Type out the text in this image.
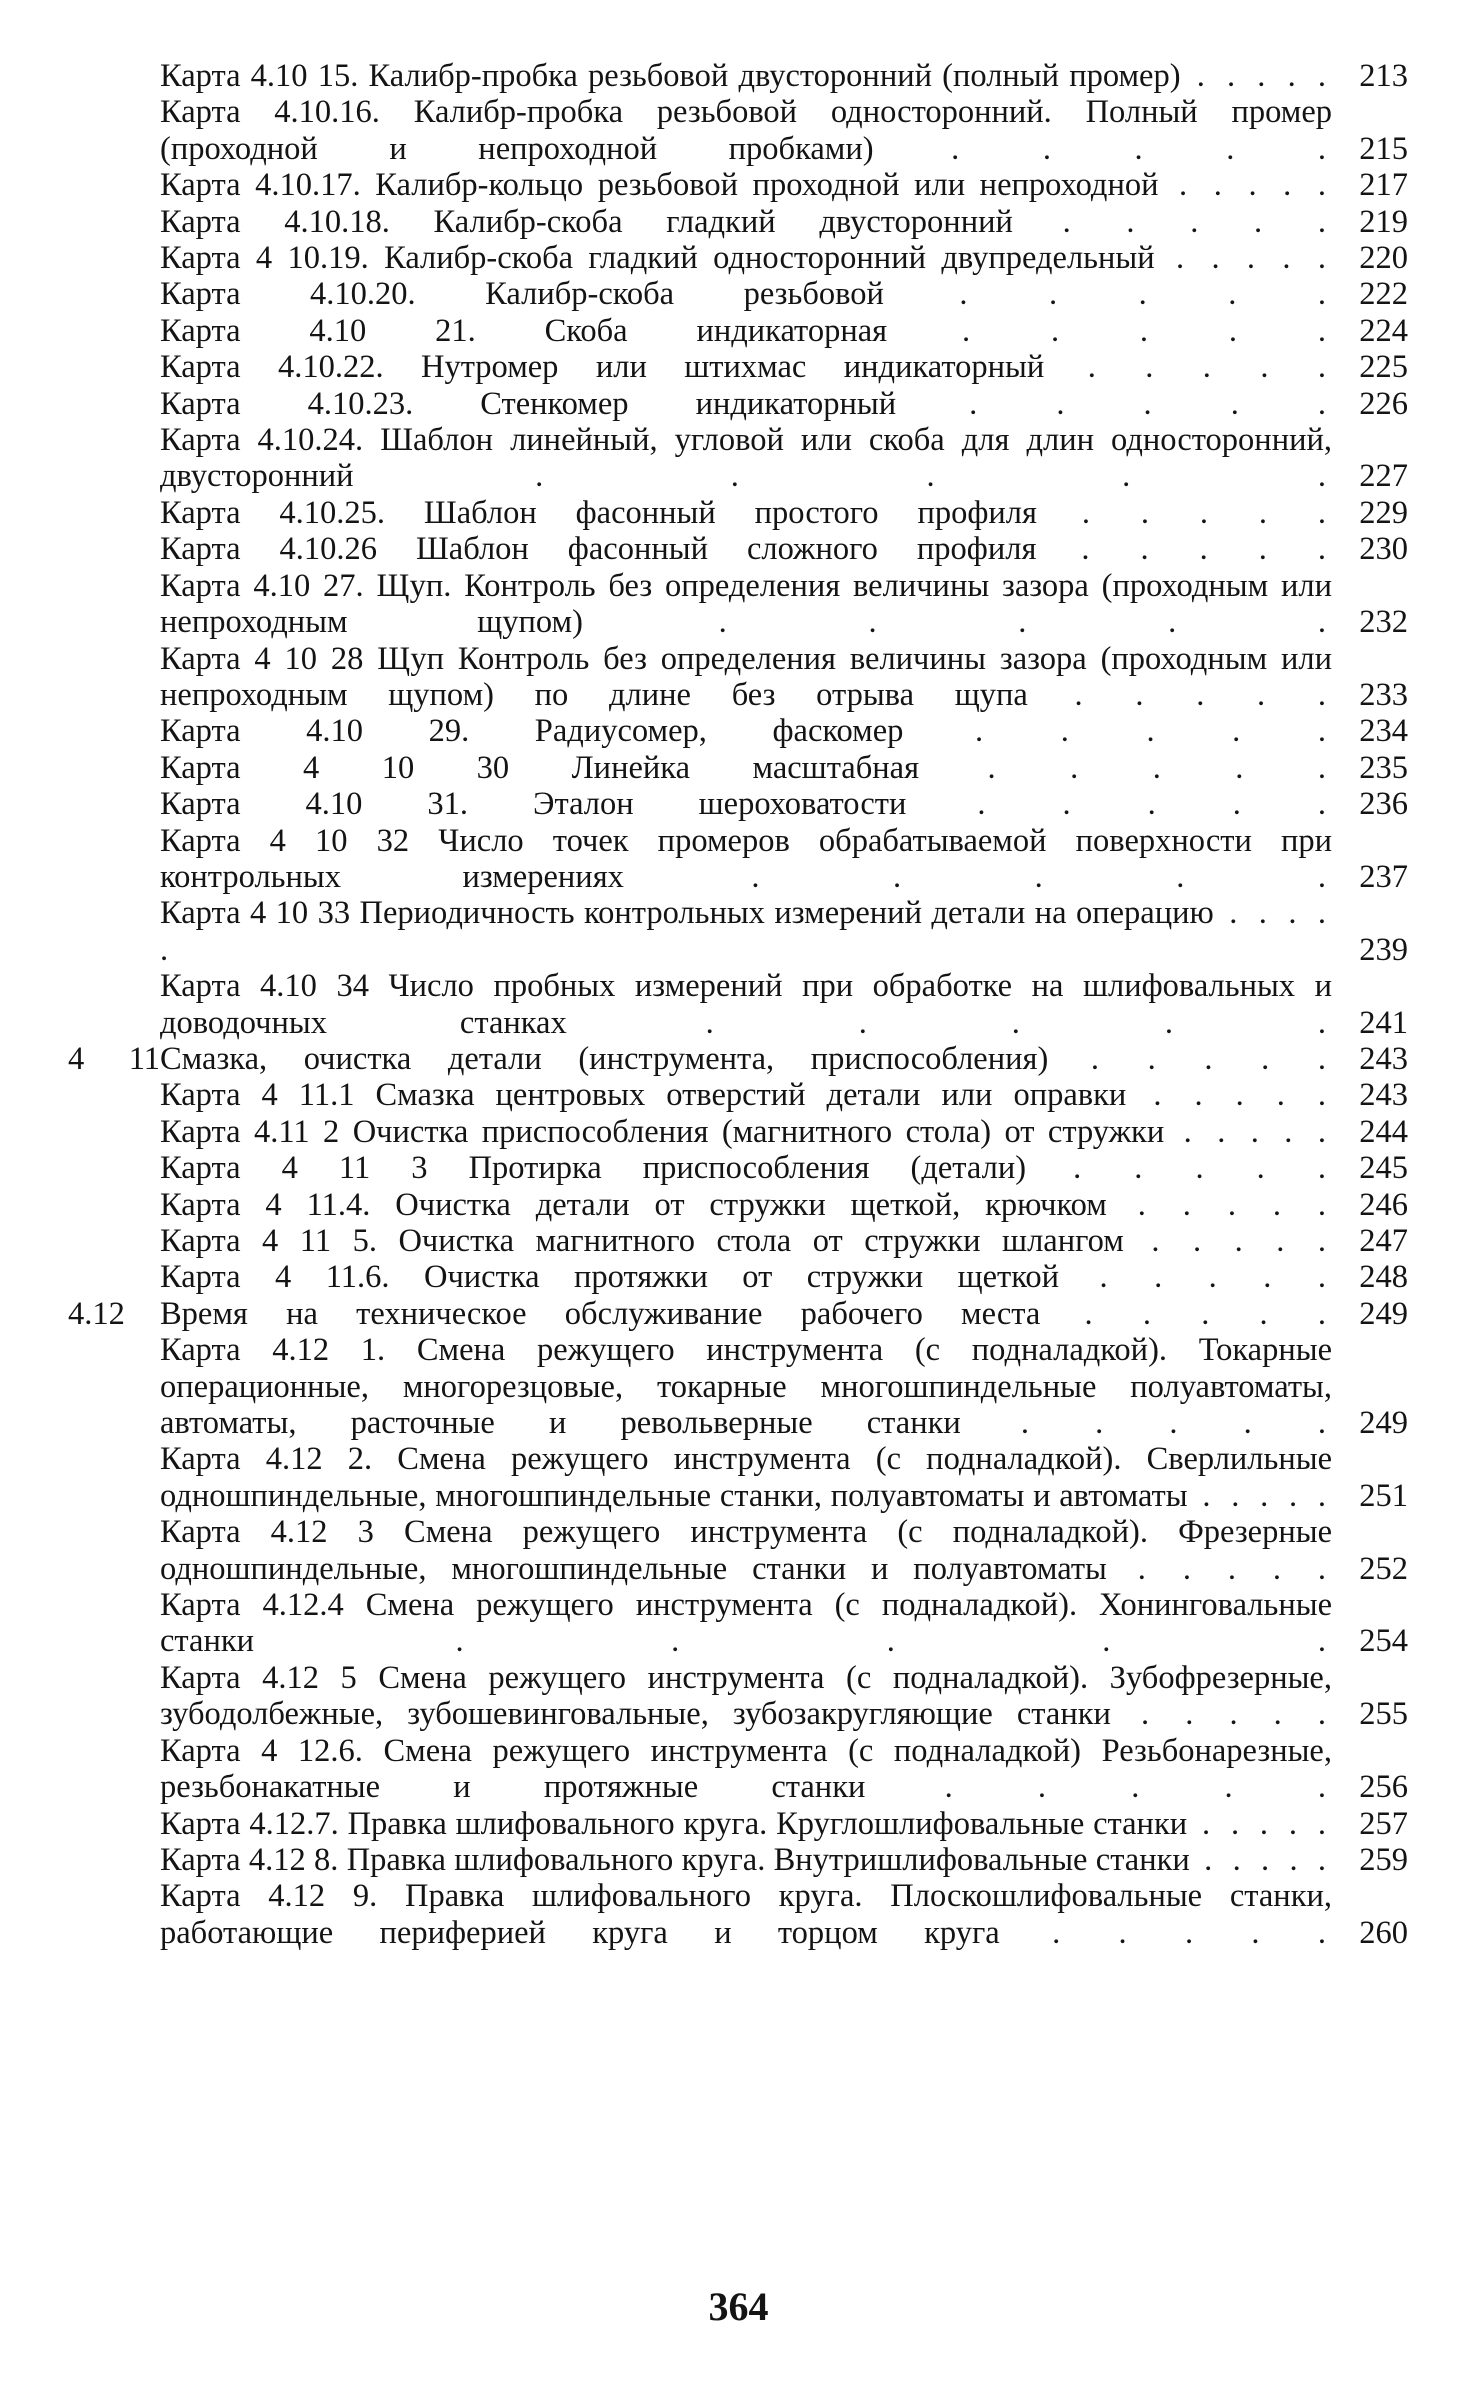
Карта 4.10 15. Калибр-пробка резьбовой двусторонний (полный промер) . . . . . 213
Карта 4.10.16. Калибр-пробка резьбовой односторонний. Полный промер (проходной и непроходной пробками) . . . . . 215
Карта 4.10.17. Калибр-кольцо резьбовой проходной или непроходной . . . . . 217
Карта 4.10.18. Калибр-скоба гладкий двусторонний . . . . . 219
Карта 4 10.19. Калибр-скоба гладкий односторонний двупредельный . . . . . 220
Карта 4.10.20. Калибр-скоба резьбовой . . . . . 222
Карта 4.10 21. Скоба индикаторная . . . . . 224
Карта 4.10.22. Нутромер или штихмас индикаторный . . . . . 225
Карта 4.10.23. Стенкомер индикаторный . . . . . 226
Карта 4.10.24. Шаблон линейный, угловой или скоба для длин односторонний, двусторонний . . . . . 227
Карта 4.10.25. Шаблон фасонный простого профиля . . . . . 229
Карта 4.10.26 Шаблон фасонный сложного профиля . . . . . 230
Карта 4.10 27. Щуп. Контроль без определения величины зазора (проходным или непроходным щупом) . . . . . 232
Карта 4 10 28 Щуп Контроль без определения величины зазора (проходным или непроходным щупом) по длине без отрыва щупа . . . . . 233
Карта 4.10 29. Радиусомер, фаскомер . . . . . 234
Карта 4 10 30 Линейка масштабная . . . . . 235
Карта 4.10 31. Эталон шероховатости . . . . . 236
Карта 4 10 32 Число точек промеров обрабатываемой поверхности при контрольных измерениях . . . . . 237
Карта 4 10 33 Периодичность контрольных измерений детали на операцию . . . . .	239
Карта 4.10 34 Число пробных измерений при обработке на шлифовальных и доводочных станках . . . . . 241
4 11Смазка, очистка детали (инструмента, приспособления) . . . . . 243
Карта 4 11.1 Смазка центровых отверстий детали или оправки . . . . . 243
Карта 4.11 2 Очистка приспособления (магнитного стола) от стружки . . . . . 244
Карта 4 11 3 Протирка приспособления (детали) . . . . . 245
Карта 4 11.4. Очистка детали от стружки щеткой, крючком . . . . . 246
Карта 4 11 5. Очистка магнитного стола от стружки шлангом . . . . . 247
Карта 4 11.6. Очистка протяжки от стружки щеткой . . . . . 248
4.12 Время на техническое обслуживание рабочего места . . . . . 249
Карта 4.12 1. Смена режущего инструмента (с подналадкой). Токарные операционные, многорезцовые, токарные многошпиндельные полуавтоматы, автоматы, расточные и револьверные станки . . . . . 249
Карта 4.12 2. Смена режущего инструмента (с подналадкой). Сверлильные одношпиндельные, многошпиндельные станки, полуавтоматы и автоматы . . . . . 251
Карта 4.12 3 Смена режущего инструмента (с подналадкой). Фрезерные одношпиндельные, многошпиндельные станки и полуавтоматы . . . . . 252
Карта 4.12.4 Смена режущего инструмента (с подналадкой). Хонинговальные станки . . . . . 254
Карта 4.12 5 Смена режущего инструмента (с подналадкой). Зубофрезерные, зубодолбежные, зубошевинговальные, зубозакругляющие станки . . . . . 255
Карта 4 12.6. Смена режущего инструмента (с подналадкой) Резьбонарезные, резьбонакатные и протяжные станки . . . . . 256
Карта 4.12.7. Правка шлифовального круга. Круглошлифовальные станки . . . . . 257
Карта 4.12 8. Правка шлифовального круга. Внутришлифовальные станки . . . . . 259
Карта 4.12 9. Правка шлифовального круга. Плоскошлифовальные станки, работающие периферией круга и торцом круга . . . . . 260
364
